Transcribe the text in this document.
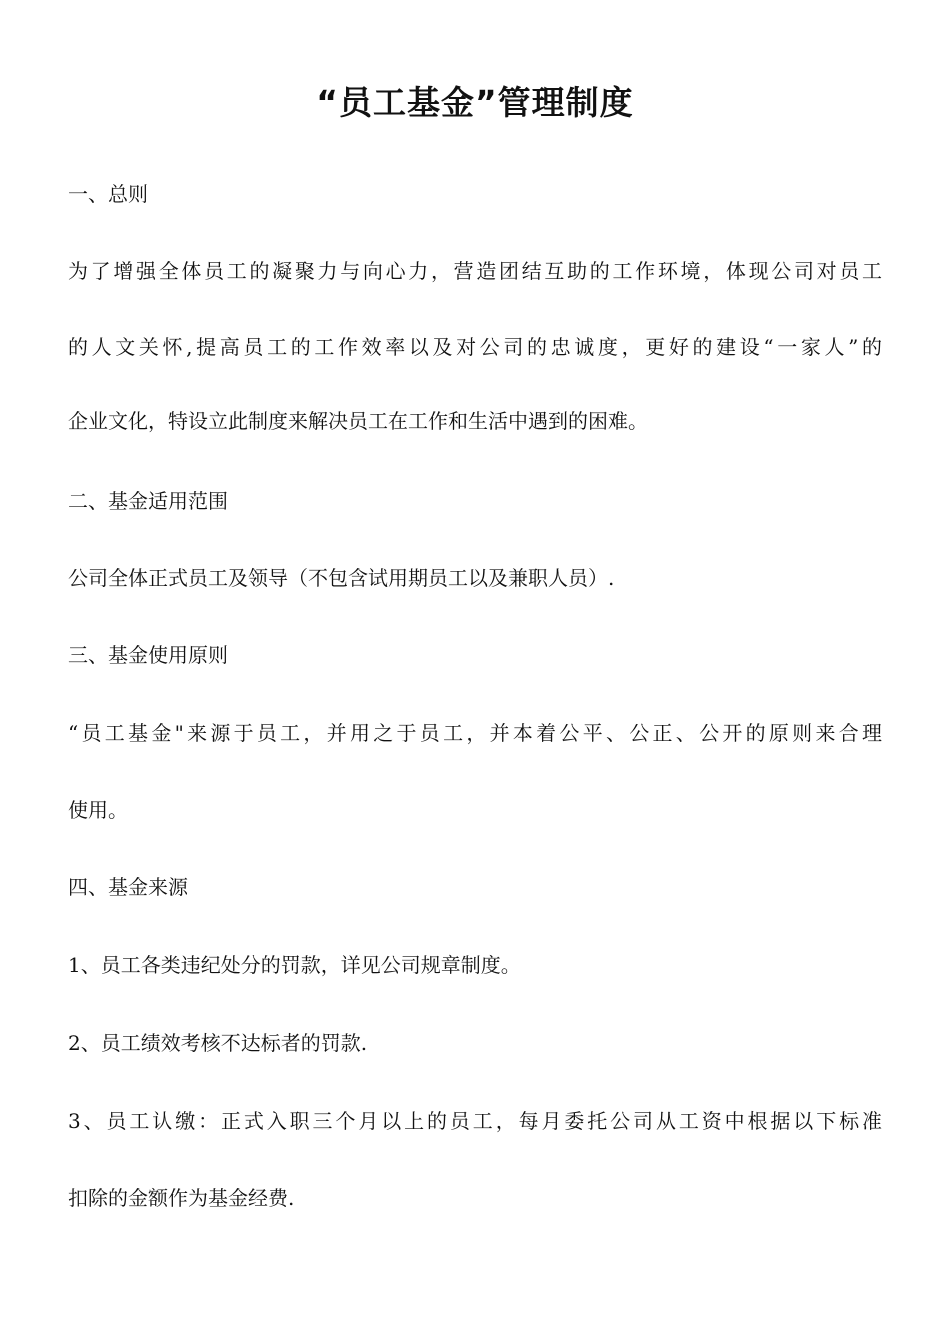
“员工基金”管理制度
一、总则
为了增强全体员工的凝聚力与向心力，营造团结互助的工作环境，体现公司对员工
的人文关怀,提高员工的工作效率以及对公司的忠诚度，更好的建设“一家人”的
企业文化，特设立此制度来解决员工在工作和生活中遇到的困难。
二、基金适用范围
公司全体正式员工及领导（不包含试用期员工以及兼职人员）.
三、基金使用原则
“员工基金"来源于员工，并用之于员工，并本着公平、公正、公开的原则来合理
使用。
四、基金来源
1、员工各类违纪处分的罚款，详见公司规章制度。
2、员工绩效考核不达标者的罚款.
3、员工认缴：正式入职三个月以上的员工，每月委托公司从工资中根据以下标准
扣除的金额作为基金经费.
